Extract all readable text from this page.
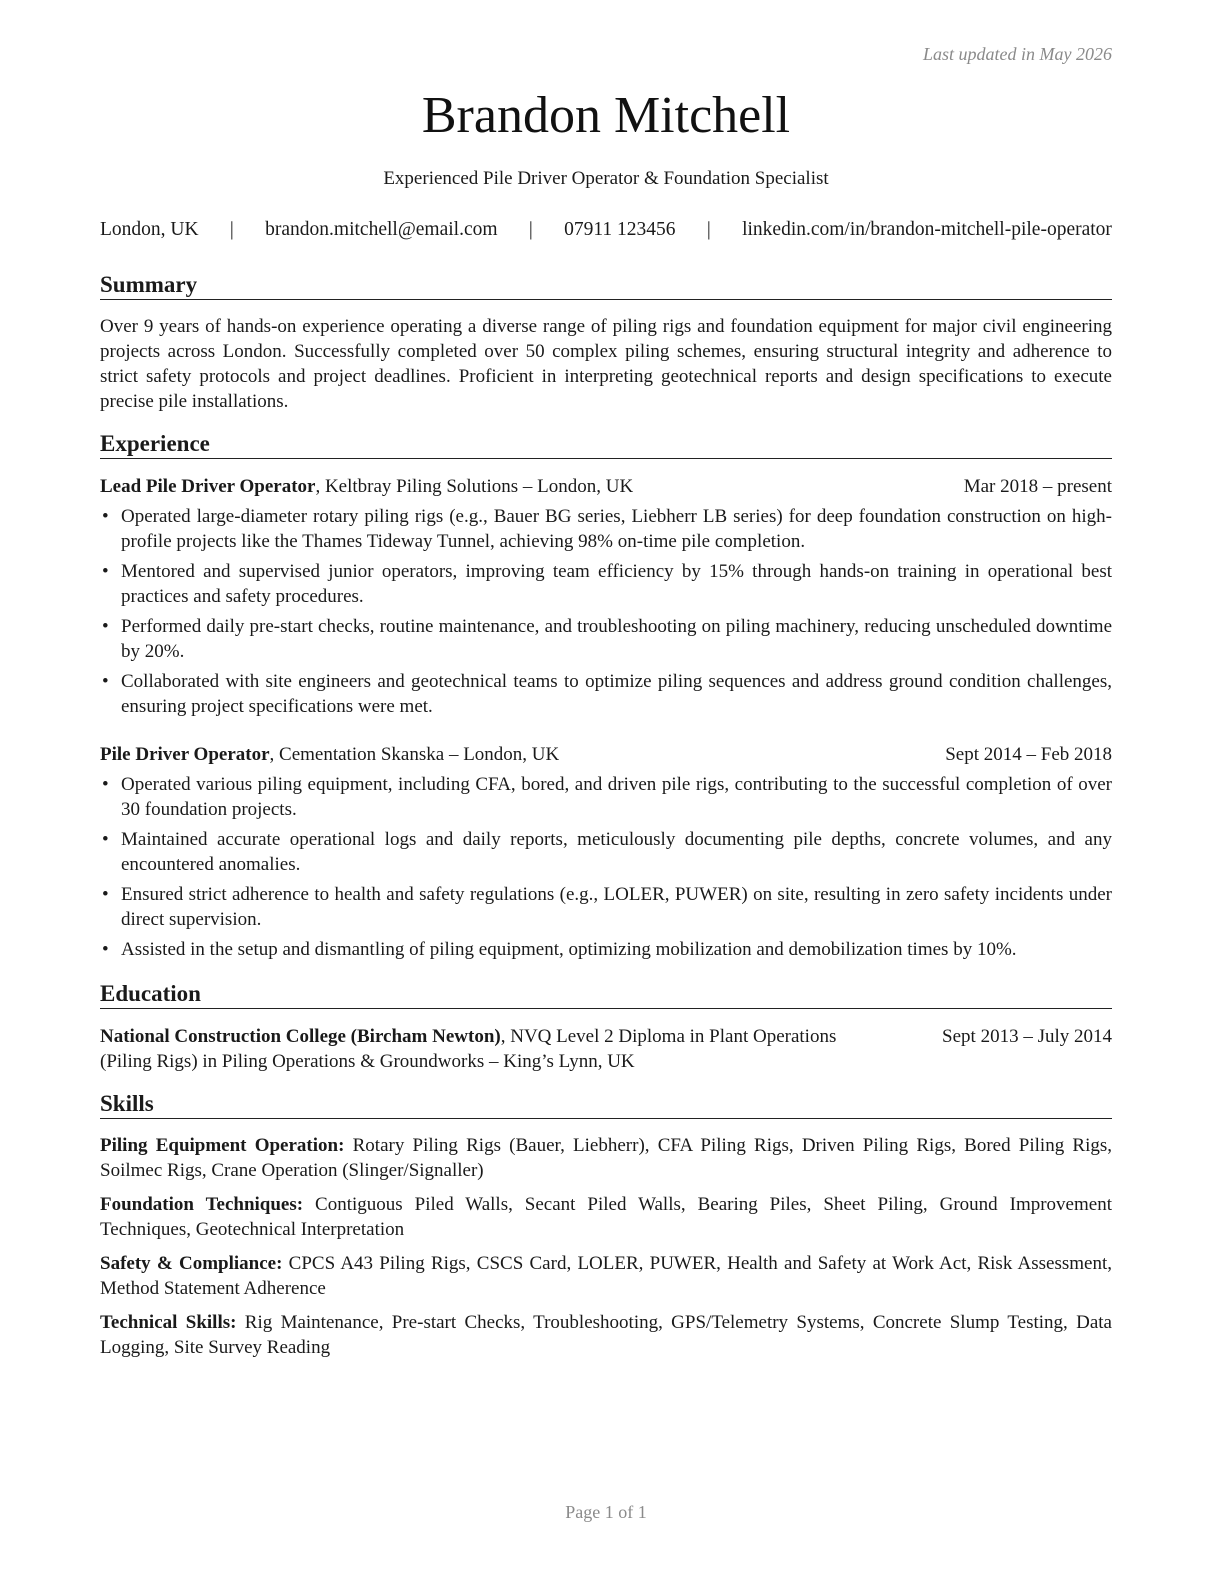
Last updated in May 2026
Brandon Mitchell
Experienced Pile Driver Operator & Foundation Specialist
London, UK | brandon.mitchell@email.com | 07911 123456 | linkedin.com/in/brandon-mitchell-pile-operator
Summary
Over 9 years of hands-on experience operating a diverse range of piling rigs and foundation equipment for major civil engineering projects across London. Successfully completed over 50 complex piling schemes, ensuring structural integrity and adherence to strict safety protocols and project deadlines. Proficient in interpreting geotechnical reports and design specifications to execute precise pile installations.
Experience
Lead Pile Driver Operator, Keltbray Piling Solutions – London, UK	Mar 2018 – present
• Operated large-diameter rotary piling rigs (e.g., Bauer BG series, Liebherr LB series) for deep foundation construction on high-profile projects like the Thames Tideway Tunnel, achieving 98% on-time pile completion.
• Mentored and supervised junior operators, improving team efficiency by 15% through hands-on training in operational best practices and safety procedures.
• Performed daily pre-start checks, routine maintenance, and troubleshooting on piling machinery, reducing unscheduled downtime by 20%.
• Collaborated with site engineers and geotechnical teams to optimize piling sequences and address ground condition challenges, ensuring project specifications were met.
Pile Driver Operator, Cementation Skanska – London, UK	Sept 2014 – Feb 2018
• Operated various piling equipment, including CFA, bored, and driven pile rigs, contributing to the successful completion of over 30 foundation projects.
• Maintained accurate operational logs and daily reports, meticulously documenting pile depths, concrete volumes, and any encountered anomalies.
• Ensured strict adherence to health and safety regulations (e.g., LOLER, PUWER) on site, resulting in zero safety incidents under direct supervision.
• Assisted in the setup and dismantling of piling equipment, optimizing mobilization and demobilization times by 10%.
Education
National Construction College (Bircham Newton), NVQ Level 2 Diploma in Plant Operations (Piling Rigs) in Piling Operations & Groundworks – King’s Lynn, UK
Sept 2013 – July 2014
Skills
Piling Equipment Operation: Rotary Piling Rigs (Bauer, Liebherr), CFA Piling Rigs, Driven Piling Rigs, Bored Piling Rigs, Soilmec Rigs, Crane Operation (Slinger/Signaller)
Foundation Techniques: Contiguous Piled Walls, Secant Piled Walls, Bearing Piles, Sheet Piling, Ground Improvement Techniques, Geotechnical Interpretation
Safety & Compliance: CPCS A43 Piling Rigs, CSCS Card, LOLER, PUWER, Health and Safety at Work Act, Risk Assessment, Method Statement Adherence
Technical Skills: Rig Maintenance, Pre-start Checks, Troubleshooting, GPS/Telemetry Systems, Concrete Slump Testing, Data Logging, Site Survey Reading
Page 1 of 1
